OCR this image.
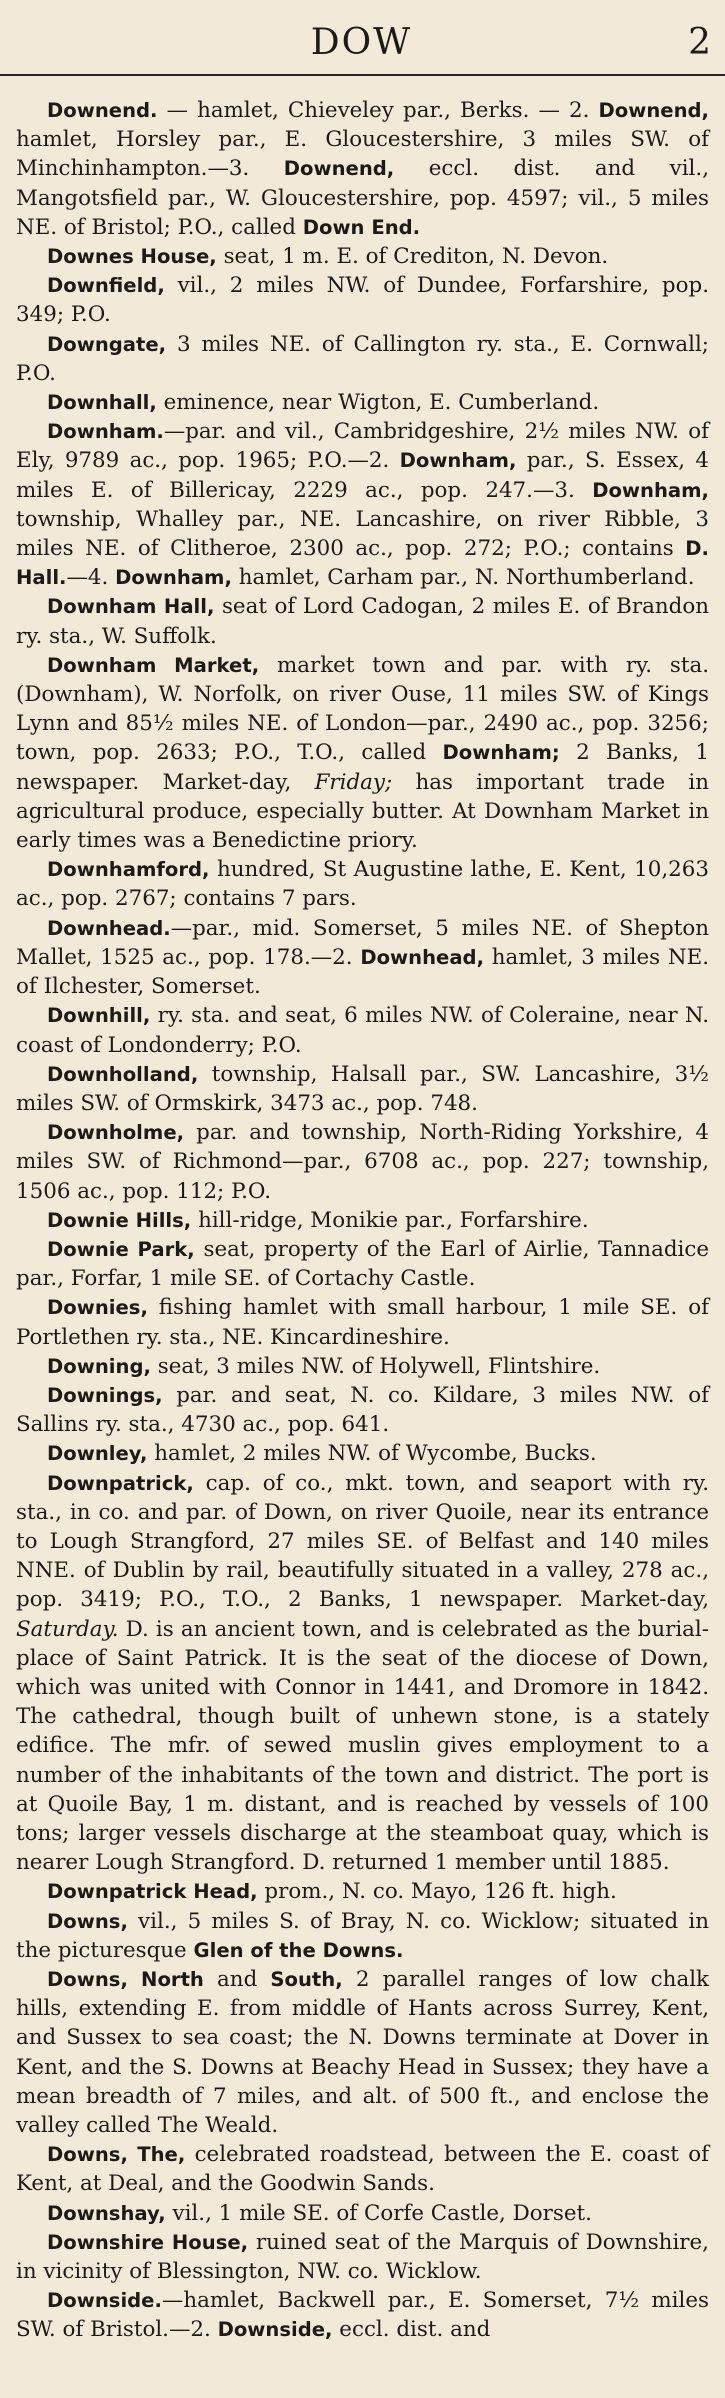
DOW	2

Downend. — hamlet, Chieveley par., Berks. — 2. Downend, hamlet, Horsley par., E. Gloucestershire, 3 miles SW. of Minchinhampton.—3. Downend, eccl. dist. and vil., Mangotsfield par., W. Gloucestershire, pop. 4597; vil., 5 miles NE. of Bristol; P.O., called Down End.

Downes House, seat, 1 m. E. of Crediton, N. Devon.

Downfield, vil., 2 miles NW. of Dundee, Forfarshire, pop. 349; P.O.

Downgate, 3 miles NE. of Callington ry. sta., E. Cornwall; P.O.

Downhall, eminence, near Wigton, E. Cumberland.

Downham.—par. and vil., Cambridgeshire, 2½ miles NW. of Ely, 9789 ac., pop. 1965; P.O.—2. Downham, par., S. Essex, 4 miles E. of Billericay, 2229 ac., pop. 247.—3. Downham, township, Whalley par., NE. Lancashire, on river Ribble, 3 miles NE. of Clitheroe, 2300 ac., pop. 272; P.O.; contains D. Hall.—4. Downham, hamlet, Carham par., N. Northumberland.

Downham Hall, seat of Lord Cadogan, 2 miles E. of Brandon ry. sta., W. Suffolk.

Downham Market, market town and par. with ry. sta. (Downham), W. Norfolk, on river Ouse, 11 miles SW. of Kings Lynn and 85½ miles NE. of London—par., 2490 ac., pop. 3256; town, pop. 2633; P.O., T.O., called Downham; 2 Banks, 1 newspaper. Market-day, Friday; has important trade in agricultural produce, especially butter. At Downham Market in early times was a Benedictine priory.

Downhamford, hundred, St Augustine lathe, E. Kent, 10,263 ac., pop. 2767; contains 7 pars.

Downhead.—par., mid. Somerset, 5 miles NE. of Shepton Mallet, 1525 ac., pop. 178.—2. Downhead, hamlet, 3 miles NE. of Ilchester, Somerset.

Downhill, ry. sta. and seat, 6 miles NW. of Coleraine, near N. coast of Londonderry; P.O.

Downholland, township, Halsall par., SW. Lancashire, 3½ miles SW. of Ormskirk, 3473 ac., pop. 748.

Downholme, par. and township, North-Riding Yorkshire, 4 miles SW. of Richmond—par., 6708 ac., pop. 227; township, 1506 ac., pop. 112; P.O.

Downie Hills, hill-ridge, Monikie par., Forfarshire.

Downie Park, seat, property of the Earl of Airlie, Tannadice par., Forfar, 1 mile SE. of Cortachy Castle.

Downies, fishing hamlet with small harbour, 1 mile SE. of Portlethen ry. sta., NE. Kincardineshire.

Downing, seat, 3 miles NW. of Holywell, Flintshire.

Downings, par. and seat, N. co. Kildare, 3 miles NW. of Sallins ry. sta., 4730 ac., pop. 641.

Downley, hamlet, 2 miles NW. of Wycombe, Bucks.

Downpatrick, cap. of co., mkt. town, and seaport with ry. sta., in co. and par. of Down, on river Quoile, near its entrance to Lough Strangford, 27 miles SE. of Belfast and 140 miles NNE. of Dublin by rail, beautifully situated in a valley, 278 ac., pop. 3419; P.O., T.O., 2 Banks, 1 newspaper. Market-day, Saturday. D. is an ancient town, and is celebrated as the burial-place of Saint Patrick. It is the seat of the diocese of Down, which was united with Connor in 1441, and Dromore in 1842. The cathedral, though built of unhewn stone, is a stately edifice. The mfr. of sewed muslin gives employment to a number of the inhabitants of the town and district. The port is at Quoile Bay, 1 m. distant, and is reached by vessels of 100 tons; larger vessels discharge at the steamboat quay, which is nearer Lough Strangford. D. returned 1 member until 1885.

Downpatrick Head, prom., N. co. Mayo, 126 ft. high.

Downs, vil., 5 miles S. of Bray, N. co. Wicklow; situated in the picturesque Glen of the Downs.

Downs, North and South, 2 parallel ranges of low chalk hills, extending E. from middle of Hants across Surrey, Kent, and Sussex to sea coast; the N. Downs terminate at Dover in Kent, and the S. Downs at Beachy Head in Sussex; they have a mean breadth of 7 miles, and alt. of 500 ft., and enclose the valley called The Weald.

Downs, The, celebrated roadstead, between the E. coast of Kent, at Deal, and the Goodwin Sands.

Downshay, vil., 1 mile SE. of Corfe Castle, Dorset.

Downshire House, ruined seat of the Marquis of Downshire, in vicinity of Blessington, NW. co. Wicklow.

Downside.—hamlet, Backwell par., E. Somerset, 7½ miles SW. of Bristol.—2. Downside, eccl. dist. and
